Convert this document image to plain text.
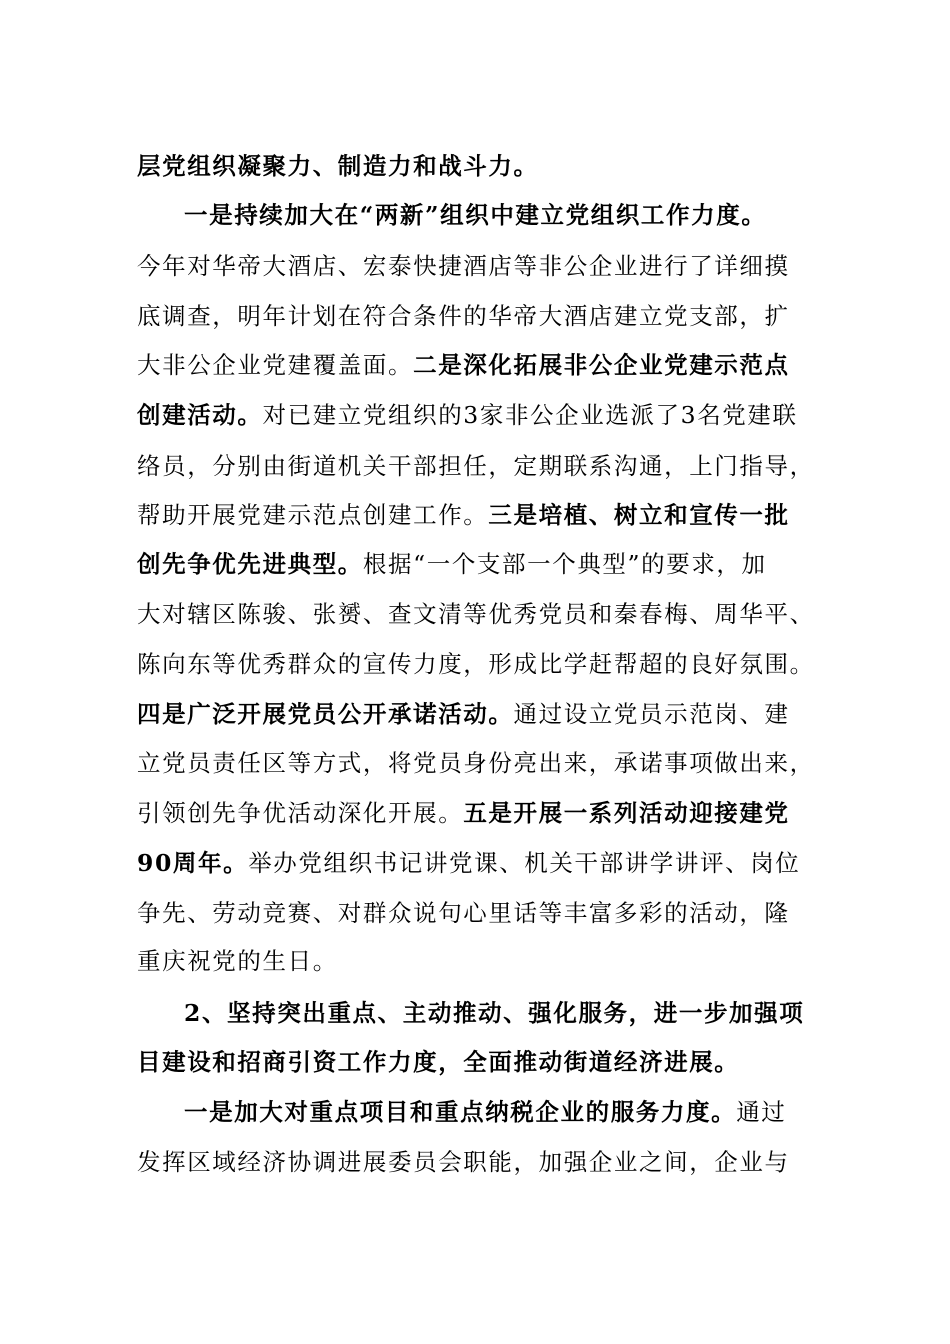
层党组织凝聚力、制造力和战斗力。
一是持续加大在“两新”组织中建立党组织工作力度。
今年对华帝大酒店、宏泰快捷酒店等非公企业进行了详细摸
底调查，明年计划在符合条件的华帝大酒店建立党支部，扩
大非公企业党建覆盖面。二是深化拓展非公企业党建示范点
创建活动。对已建立党组织的3家非公企业选派了3名党建联
络员，分别由街道机关干部担任，定期联系沟通，上门指导，
帮助开展党建示范点创建工作。三是培植、树立和宣传一批
创先争优先进典型。根据“一个支部一个典型”的要求，加
大对辖区陈骏、张赟、查文清等优秀党员和秦春梅、周华平、
陈向东等优秀群众的宣传力度，形成比学赶帮超的良好氛围。
四是广泛开展党员公开承诺活动。通过设立党员示范岗、建
立党员责任区等方式，将党员身份亮出来，承诺事项做出来，
引领创先争优活动深化开展。五是开展一系列活动迎接建党
90周年。举办党组织书记讲党课、机关干部讲学讲评、岗位
争先、劳动竞赛、对群众说句心里话等丰富多彩的活动，隆
重庆祝党的生日。
2、坚持突出重点、主动推动、强化服务，进一步加强项
目建设和招商引资工作力度，全面推动街道经济进展。
一是加大对重点项目和重点纳税企业的服务力度。通过
发挥区域经济协调进展委员会职能，加强企业之间，企业与
